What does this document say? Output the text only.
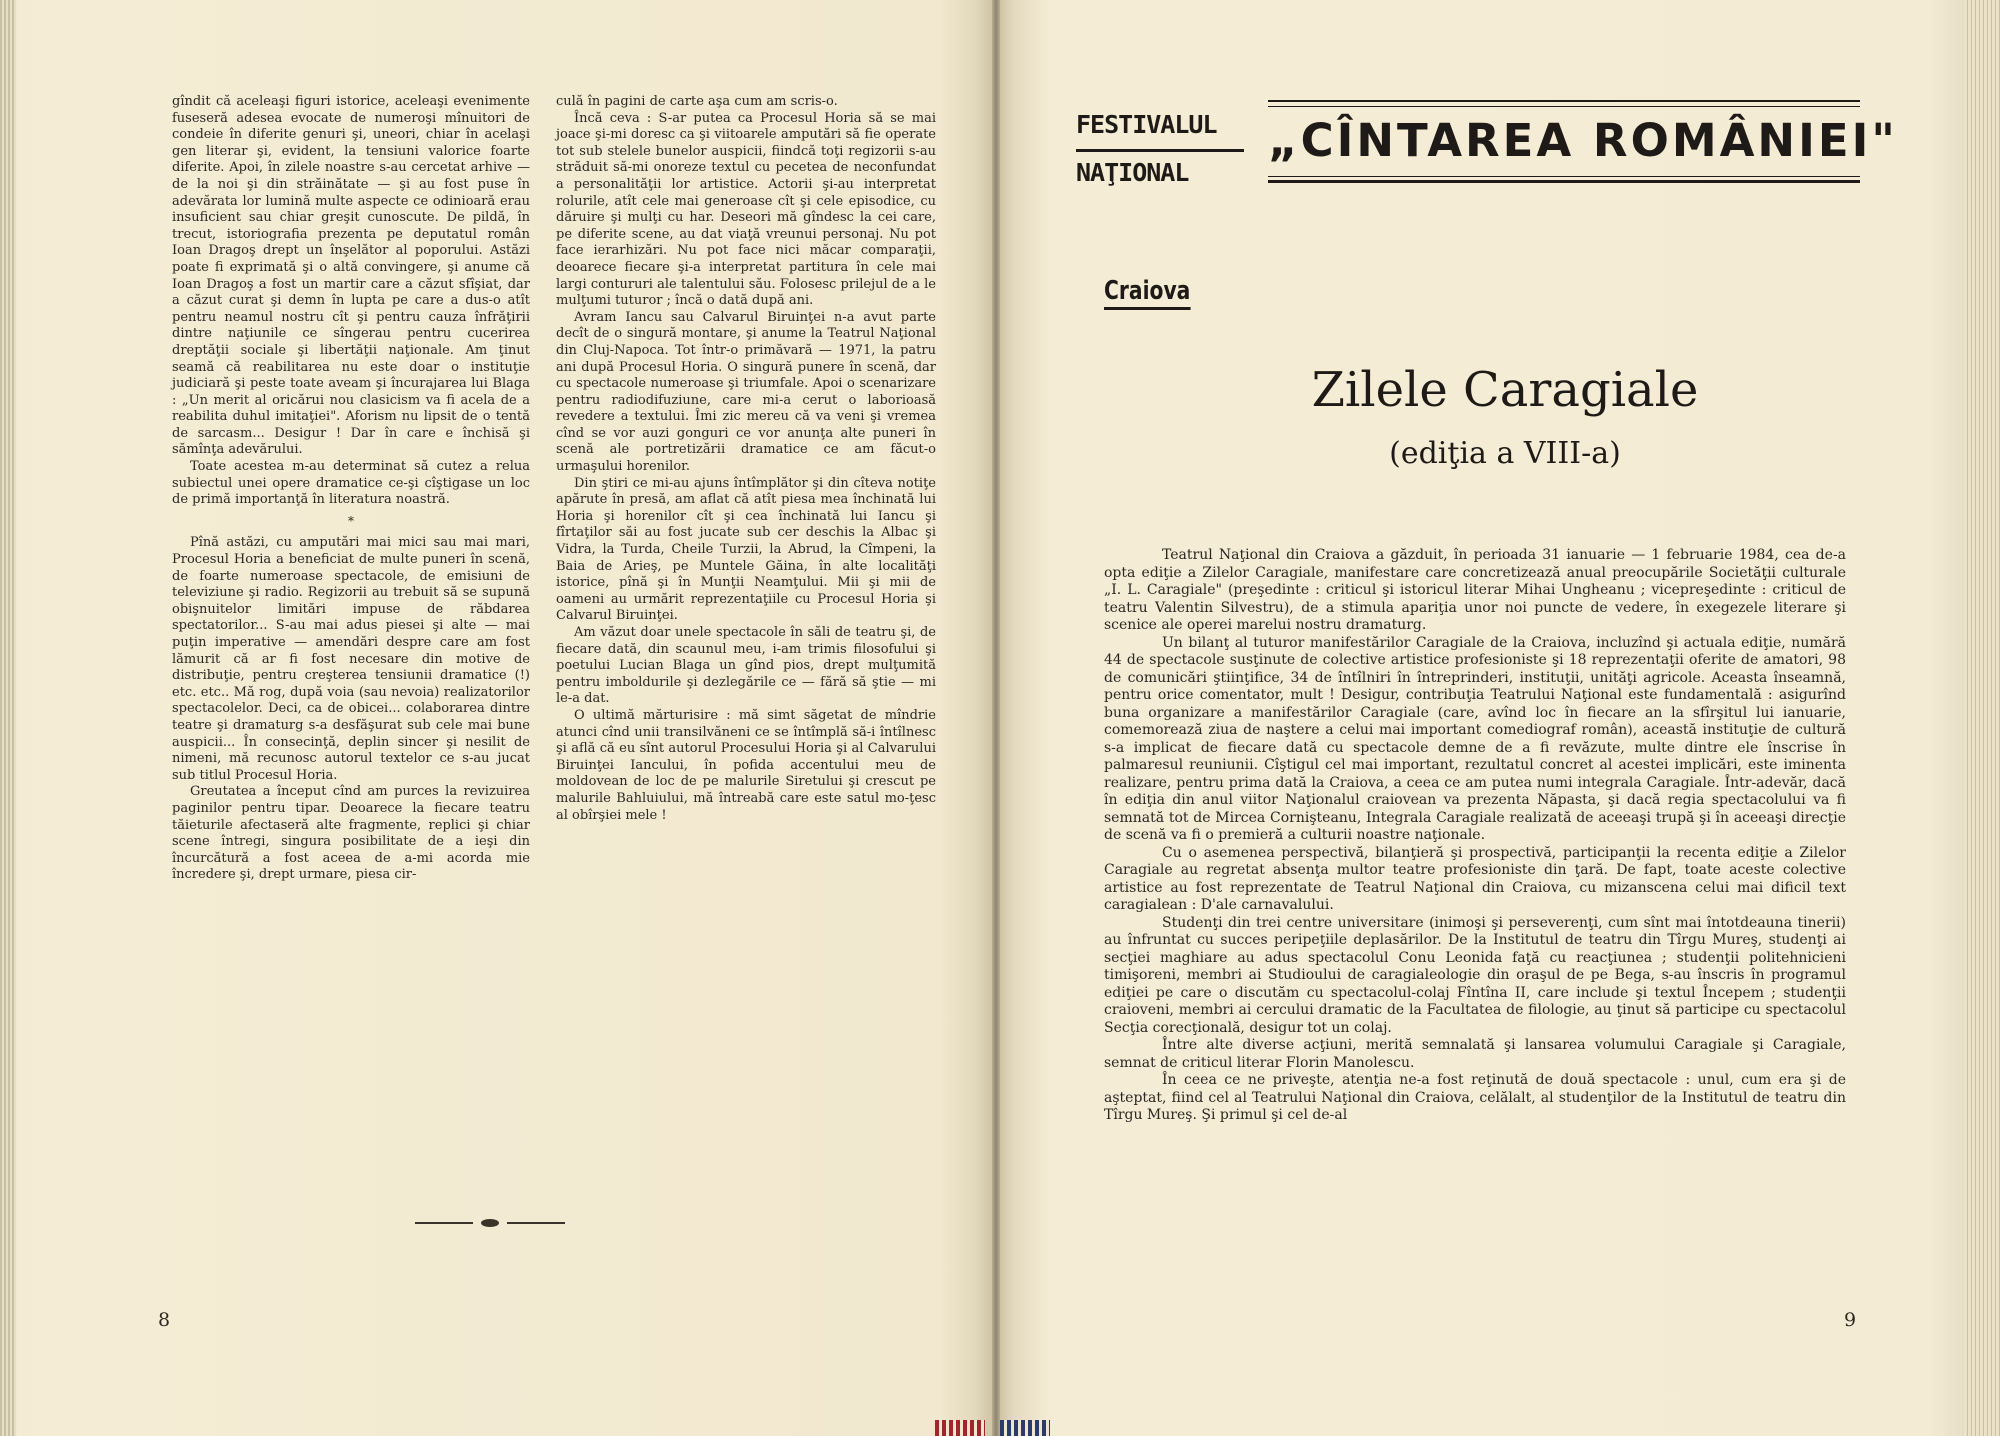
gîndit că aceleaşi figuri istorice, aceleaşi evenimente fuseseră adesea evocate de numeroşi mînuitori de condeie în diferite genuri şi, uneori, chiar în acelaşi gen literar şi, evident, la tensiuni valorice foarte diferite. Apoi, în zilele noastre s-au cercetat arhive — de la noi şi din străinătate — şi au fost puse în adevărata lor lumină multe aspecte ce odinioară erau insuficient sau chiar greşit cunoscute. De pildă, în trecut, istoriografia prezenta pe deputatul român Ioan Dragoş drept un înşelător al poporului. Astăzi poate fi exprimată şi o altă convingere, şi anume că Ioan Dragoş a fost un martir care a căzut sfîşiat, dar a căzut curat şi demn în lupta pe care a dus-o atît pentru neamul nostru cît şi pentru cauza înfrăţirii dintre naţiunile ce sîngerau pentru cucerirea dreptăţii sociale şi libertăţii naţionale. Am ţinut seamă că reabilitarea nu este doar o instituţie judiciară şi peste toate aveam şi încurajarea lui Blaga : „Un merit al oricărui nou clasicism va fi acela de a reabilita duhul imitaţiei". Aforism nu lipsit de o tentă de sarcasm... Desigur ! Dar în care e închisă şi sămînţa adevărului.

Toate acestea m-au determinat să cutez a relua subiectul unei opere dramatice ce-şi cîştigase un loc de primă importanţă în literatura noastră.

*

Pînă astăzi, cu amputări mai mici sau mai mari, Procesul Horia a beneficiat de multe puneri în scenă, de foarte numeroase spectacole, de emisiuni de televiziune şi radio. Regizorii au trebuit să se supună obişnuitelor limitări impuse de răbdarea spectatorilor... S-au mai adus piesei şi alte — mai puţin imperative — amendări despre care am fost lămurit că ar fi fost necesare din motive de distribuţie, pentru creşterea tensiunii dramatice (!) etc. etc.. Mă rog, după voia (sau nevoia) realizatorilor spectacolelor. Deci, ca de obicei... colaborarea dintre teatre şi dramaturg s-a desfăşurat sub cele mai bune auspicii... În consecinţă, deplin sincer şi nesilit de nimeni, mă recunosc autorul textelor ce s-au jucat sub titlul Procesul Horia.

Greutatea a început cînd am purces la revizuirea paginilor pentru tipar. Deoarece la fiecare teatru tăieturile afectaseră alte fragmente, replici şi chiar scene întregi, singura posibilitate de a ieşi din încurcătură a fost aceea de a-mi acorda mie încredere şi, drept urmare, piesa cir-

culă în pagini de carte aşa cum am scris-o.

Încă ceva : S-ar putea ca Procesul Horia să se mai joace şi-mi doresc ca şi viitoarele amputări să fie operate tot sub stelele bunelor auspicii, fiindcă toţi regizorii s-au străduit să-mi onoreze textul cu pecetea de neconfundat a personalităţii lor artistice. Actorii şi-au interpretat rolurile, atît cele mai generoase cît şi cele episodice, cu dăruire şi mulţi cu har. Deseori mă gîndesc la cei care, pe diferite scene, au dat viaţă vreunui personaj. Nu pot face ierarhizări. Nu pot face nici măcar comparaţii, deoarece fiecare şi-a interpretat partitura în cele mai largi contururi ale talentului său. Folosesc prilejul de a le mulţumi tuturor ; încă o dată după ani.

Avram Iancu sau Calvarul Biruinţei n-a avut parte decît de o singură montare, şi anume la Teatrul Naţional din Cluj-Napoca. Tot într-o primăvară — 1971, la patru ani după Procesul Horia. O singură punere în scenă, dar cu spectacole numeroase şi triumfale. Apoi o scenarizare pentru radiodifuziune, care mi-a cerut o laborioasă revedere a textului. Îmi zic mereu că va veni şi vremea cînd se vor auzi gonguri ce vor anunţa alte puneri în scenă ale portretizării dramatice ce am făcut-o urmaşului horenilor.

Din ştiri ce mi-au ajuns întîmplător şi din cîteva notiţe apărute în presă, am aflat că atît piesa mea închinată lui Horia şi horenilor cît şi cea închinată lui Iancu şi fîrtaţilor săi au fost jucate sub cer deschis la Albac şi Vidra, la Turda, Cheile Turzii, la Abrud, la Cîmpeni, la Baia de Arieş, pe Muntele Găina, în alte localităţi istorice, pînă şi în Munţii Neamţului. Mii şi mii de oameni au urmărit reprezentaţiile cu Procesul Horia şi Calvarul Biruinţei.

Am văzut doar unele spectacole în săli de teatru şi, de fiecare dată, din scaunul meu, i-am trimis filosofului şi poetului Lucian Blaga un gînd pios, drept mulţumită pentru imboldurile şi dezlegările ce — fără să ştie — mi le-a dat.

O ultimă mărturisire : mă simt săgetat de mîndrie atunci cînd unii transilvăneni ce se întîmplă să-i întîlnesc şi află că eu sînt autorul Procesului Horia şi al Calvarului Biruinţei Iancului, în pofida accentului meu de moldovean de loc de pe malurile Siretului şi crescut pe malurile Bahluiului, mă întreabă care este satul mo-ţesc al obîrşiei mele !

8
FESTIVALUL
NAŢIONAL
„CÎNTAREA ROMÂNIEI"
Craiova
Zilele Caragiale
(ediţia a VIII-a)

Teatrul Naţional din Craiova a găzduit, în perioada 31 ianuarie — 1 februarie 1984, cea de-a opta ediţie a Zilelor Caragiale, manifestare care concretizează anual preocupările Societăţii culturale „I. L. Caragiale" (preşedinte : criticul şi istoricul literar Mihai Ungheanu ; vicepreşedinte : criticul de teatru Valentin Silvestru), de a stimula apariţia unor noi puncte de vedere, în exegezele literare şi scenice ale operei marelui nostru dramaturg.

Un bilanţ al tuturor manifestărilor Caragiale de la Craiova, incluzînd şi actuala ediţie, numără 44 de spectacole susţinute de colective artistice profesioniste şi 18 reprezentaţii oferite de amatori, 98 de comunicări ştiinţifice, 34 de întîlniri în întreprinderi, instituţii, unităţi agricole. Aceasta înseamnă, pentru orice comentator, mult ! Desigur, contribuţia Teatrului Naţional este fundamentală : asigurînd buna organizare a manifestărilor Caragiale (care, avînd loc în fiecare an la sfîrşitul lui ianuarie, comemorează ziua de naştere a celui mai important comediograf român), această instituţie de cultură s-a implicat de fiecare dată cu spectacole demne de a fi revăzute, multe dintre ele înscrise în palmaresul reuniunii. Cîştigul cel mai important, rezultatul concret al acestei implicări, este iminenta realizare, pentru prima dată la Craiova, a ceea ce am putea numi integrala Caragiale. Într-adevăr, dacă în ediţia din anul viitor Naţionalul craiovean va prezenta Năpasta, şi dacă regia spectacolului va fi semnată tot de Mircea Cornişteanu, Integrala Caragiale realizată de aceeaşi trupă şi în aceeaşi direcţie de scenă va fi o premieră a culturii noastre naţionale.

Cu o asemenea perspectivă, bilanţieră şi prospectivă, participanţii la recenta ediţie a Zilelor Caragiale au regretat absenţa multor teatre profesioniste din ţară. De fapt, toate aceste colective artistice au fost reprezentate de Teatrul Naţional din Craiova, cu mizanscena celui mai dificil text caragialean : D'ale carnavalului.

Studenţi din trei centre universitare (inimoşi şi perseverenţi, cum sînt mai întotdeauna tinerii) au înfruntat cu succes peripeţiile deplasărilor. De la Institutul de teatru din Tîrgu Mureş, studenţi ai secţiei maghiare au adus spectacolul Conu Leonida faţă cu reacţiunea ; studenţii politehnicieni timişoreni, membri ai Studioului de caragialeologie din oraşul de pe Bega, s-au înscris în programul ediţiei pe care o discutăm cu spectacolul-colaj Fîntîna II, care include şi textul Începem ; studenţii craioveni, membri ai cercului dramatic de la Facultatea de filologie, au ţinut să participe cu spectacolul Secţia corecţională, desigur tot un colaj.

Între alte diverse acţiuni, merită semnalată şi lansarea volumului Caragiale şi Caragiale, semnat de criticul literar Florin Manolescu.

În ceea ce ne priveşte, atenţia ne-a fost reţinută de două spectacole : unul, cum era şi de aşteptat, fiind cel al Teatrului Naţional din Craiova, celălalt, al studenţilor de la Institutul de teatru din Tîrgu Mureş. Şi primul şi cel de-al

9
